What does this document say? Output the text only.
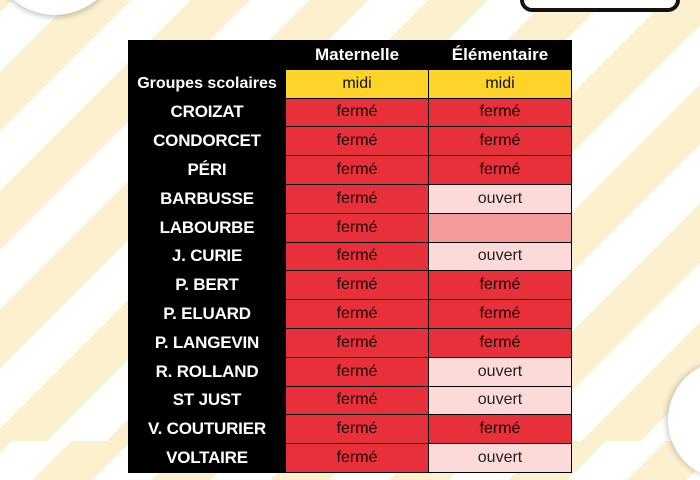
	Maternelle	Élémentaire
Groupes scolaires	midi	midi
CROIZAT	fermé	fermé
CONDORCET	fermé	fermé
PÉRI	fermé	fermé
BARBUSSE	fermé	ouvert
LABOURBE	fermé	
J. CURIE	fermé	ouvert
P. BERT	fermé	fermé
P. ELUARD	fermé	fermé
P. LANGEVIN	fermé	fermé
R. ROLLAND	fermé	ouvert
ST JUST	fermé	ouvert
V. COUTURIER	fermé	fermé
VOLTAIRE	fermé	ouvert
